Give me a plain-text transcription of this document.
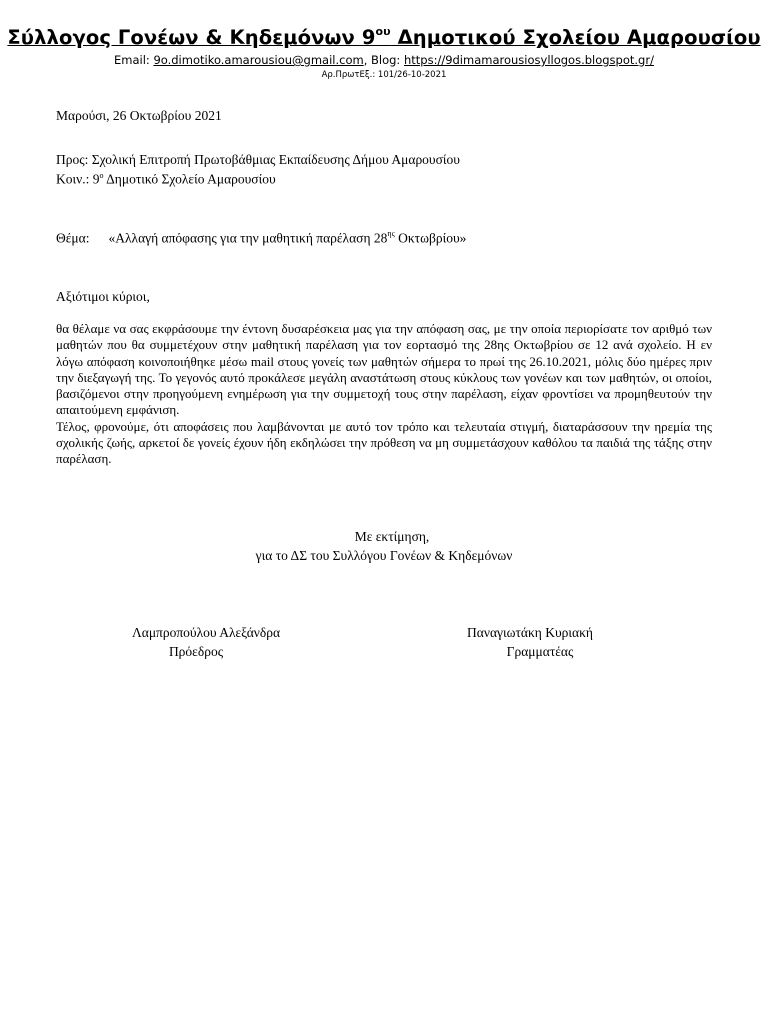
Σύλλογος Γονέων & Κηδεμόνων $9^{o\upsilon}$ Δημοτικού Σχολείου Αμαρουσίου
Email: 9o.dimotiko.amarousiou@gmail.com, Blog: https://9dimamarousiosyllogos.blogspot.gr/
Αρ.ΠρωτΕξ.: 101/26-10-2021
Μαρούσι, 26 Οκτωβρίου 2021
Προς: Σχολική Επιτροπή Πρωτοβάθμιας Εκπαίδευσης Δήμου Αμαρουσίου
Κοιν.: $9^o$ Δημοτικό Σχολείο Αμαρουσίου
Θέμα: «Αλλαγή απόφασης για την μαθητική παρέλαση $28^{\eta\varsigma}$ Οκτωβρίου»
Αξιότιμοι κύριοι,

θα θέλαμε να σας εκφράσουμε την έντονη δυσαρέσκεια μας για την απόφαση σας, με την οποία περιορίσατε τον αριθμό των μαθητών που θα συμμετέχουν στην μαθητική παρέλαση για τον εορτασμό της 28ης Οκτωβρίου σε 12 ανά σχολείο. Η εν λόγω απόφαση κοινοποιήθηκε μέσω mail στους γονείς των μαθητών σήμερα το πρωί της 26.10.2021, μόλις δύο ημέρες πριν την διεξαγωγή της. Το γεγονός αυτό προκάλεσε μεγάλη αναστάτωση στους κύκλους των γονέων και των μαθητών, οι οποίοι, βασιζόμενοι στην προηγούμενη ενημέρωση για την συμμετοχή τους στην παρέλαση, είχαν φροντίσει να προμηθευτούν την απαιτούμενη εμφάνιση.

Τέλος, φρονούμε, ότι αποφάσεις που λαμβάνονται με αυτό τον τρόπο και τελευταία στιγμή, διαταράσσουν την ηρεμία της σχολικής ζωής, αρκετοί δε γονείς έχουν ήδη εκδηλώσει την πρόθεση να μη συμμετάσχουν καθόλου τα παιδιά της τάξης στην παρέλαση.

Με εκτίμηση,
για το ΔΣ του Συλλόγου Γονέων & Κηδεμόνων
Λαμπροπούλου Αλεξάνδρα
Πρόεδρος
Παναγιωτάκη Κυριακή
Γραμματέας
